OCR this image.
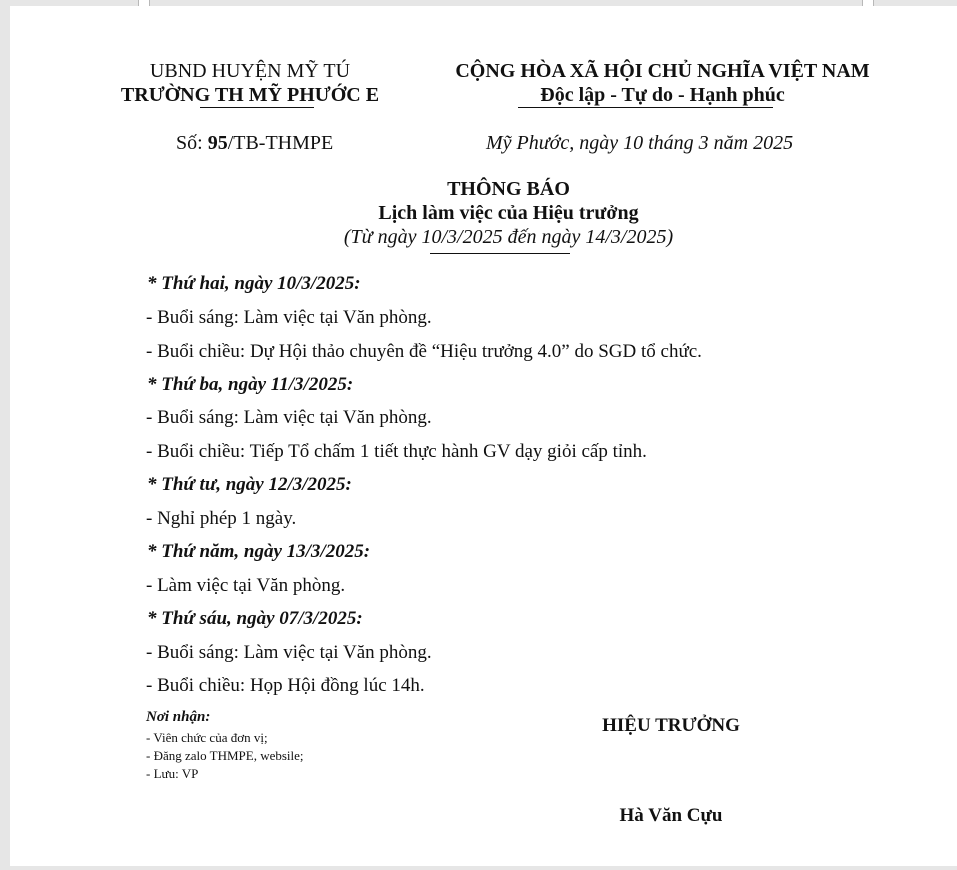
UBND HUYỆN MỸ TÚ
TRƯỜNG TH MỸ PHƯỚC E
CỘNG HÒA XÃ HỘI CHỦ NGHĨA VIỆT NAM
Độc lập - Tự do - Hạnh phúc
Số: 95/TB-THMPE	Mỹ Phước, ngày 10 tháng 3 năm 2025
THÔNG BÁO
Lịch làm việc của Hiệu trưởng
(Từ ngày 10/3/2025 đến ngày 14/3/2025)
* Thứ hai, ngày 10/3/2025:
- Buổi sáng: Làm việc tại Văn phòng.
- Buổi chiều: Dự Hội thảo chuyên đề “Hiệu trưởng 4.0” do SGD tổ chức.
* Thứ ba, ngày 11/3/2025:
- Buổi sáng: Làm việc tại Văn phòng.
- Buổi chiều: Tiếp Tổ chấm 1 tiết thực hành GV dạy giỏi cấp tỉnh.
* Thứ tư, ngày 12/3/2025:
- Nghỉ phép 1 ngày.
* Thứ năm, ngày 13/3/2025:
- Làm việc tại Văn phòng.
* Thứ sáu, ngày 07/3/2025:
- Buổi sáng: Làm việc tại Văn phòng.
- Buổi chiều: Họp Hội đồng lúc 14h.
Nơi nhận:
- Viên chức của đơn vị;
- Đăng zalo THMPE, websile;
- Lưu: VP
HIỆU TRƯỞNG
Hà Văn Cựu
